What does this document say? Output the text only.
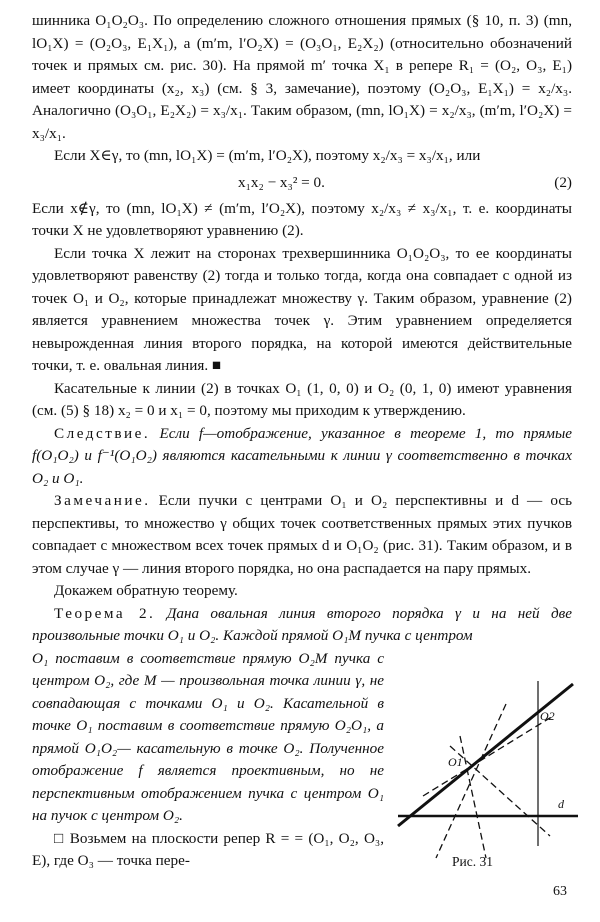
шинника O₁O₂O₃. По определению сложного отношения прямых (§ 10, п. 3) (mn, lO₁X) = (O₂O₃, E₁X₁), а (m′m, l′O₂X) = (O₃O₁, E₂X₂) (относительно обозначений точек и прямых см. рис. 30). На прямой m′ точка X₁ в репере R₁ = (O₂, O₃, E₁) имеет координаты (x₂, x₃) (см. § 3, замечание), поэтому (O₂O₃, E₁X₁) = x₂/x₃. Аналогично (O₃O₁, E₂X₂) = x₃/x₁. Таким образом, (mn, lO₁X) = x₂/x₃, (m′m, l′O₂X) = x₃/x₁.

Если X∈γ, то (mn, lO₁X) = (m′m, l′O₂X), поэтому x₂/x₃ = x₃/x₁, или

x₁x₂ − x₃² = 0.	(2)

Если x∉γ, то (mn, lO₁X) ≠ (m′m, l′O₂X), поэтому x₂/x₃ ≠ x₃/x₁, т. е. координаты точки X не удовлетворяют уравнению (2).

Если точка X лежит на сторонах трехвершинника O₁O₂O₃, то ее координаты удовлетворяют равенству (2) тогда и только тогда, когда она совпадает с одной из точек O₁ и O₂, которые принадлежат множеству γ. Таким образом, уравнение (2) является уравнением множества точек γ. Этим уравнением определяется невырожденная линия второго порядка, на которой имеются действительные точки, т. е. овальная линия. ■

Касательные к линии (2) в точках O₁ (1, 0, 0) и O₂ (0, 1, 0) имеют уравнения (см. (5) § 18) x₂ = 0 и x₁ = 0, поэтому мы приходим к утверждению.

Следствие. Если f—отображение, указанное в теореме 1, то прямые f(O₁O₂) и f⁻¹(O₁O₂) являются касательными к линии γ соответственно в точках O₂ и O₁.

Замечание. Если пучки с центрами O₁ и O₂ перспективны и d — ось перспективы, то множество γ общих точек соответственных прямых этих пучков совпадает с множеством всех точек прямых d и O₁O₂ (рис. 31). Таким образом, и в этом случае γ — линия второго порядка, но она распадается на пару прямых.

Докажем обратную теорему.

Теорема 2. Дана овальная линия второго порядка γ и на ней две произвольные точки O₁ и O₂. Каждой прямой O₁M пучка с центром

O₁ поставим в соответствие прямую O₂M пучка с центром O₂, где M — произвольная точка линии γ, не совпадающая с точками O₁ и O₂. Касательной в точке O₁ поставим в соответствие прямую O₂O₁, а прямой O₁O₂— касательную в точке O₂. Полученное отображение f является проективным, но не перспективным отображением пучка с центром O₁ на пучок с центром O₂.

□ Возьмем на плоскости репер R = = (O₁, O₂, O₃, E), где O₃ — точка пере-

O2
O1
d
Рис. 31
63
